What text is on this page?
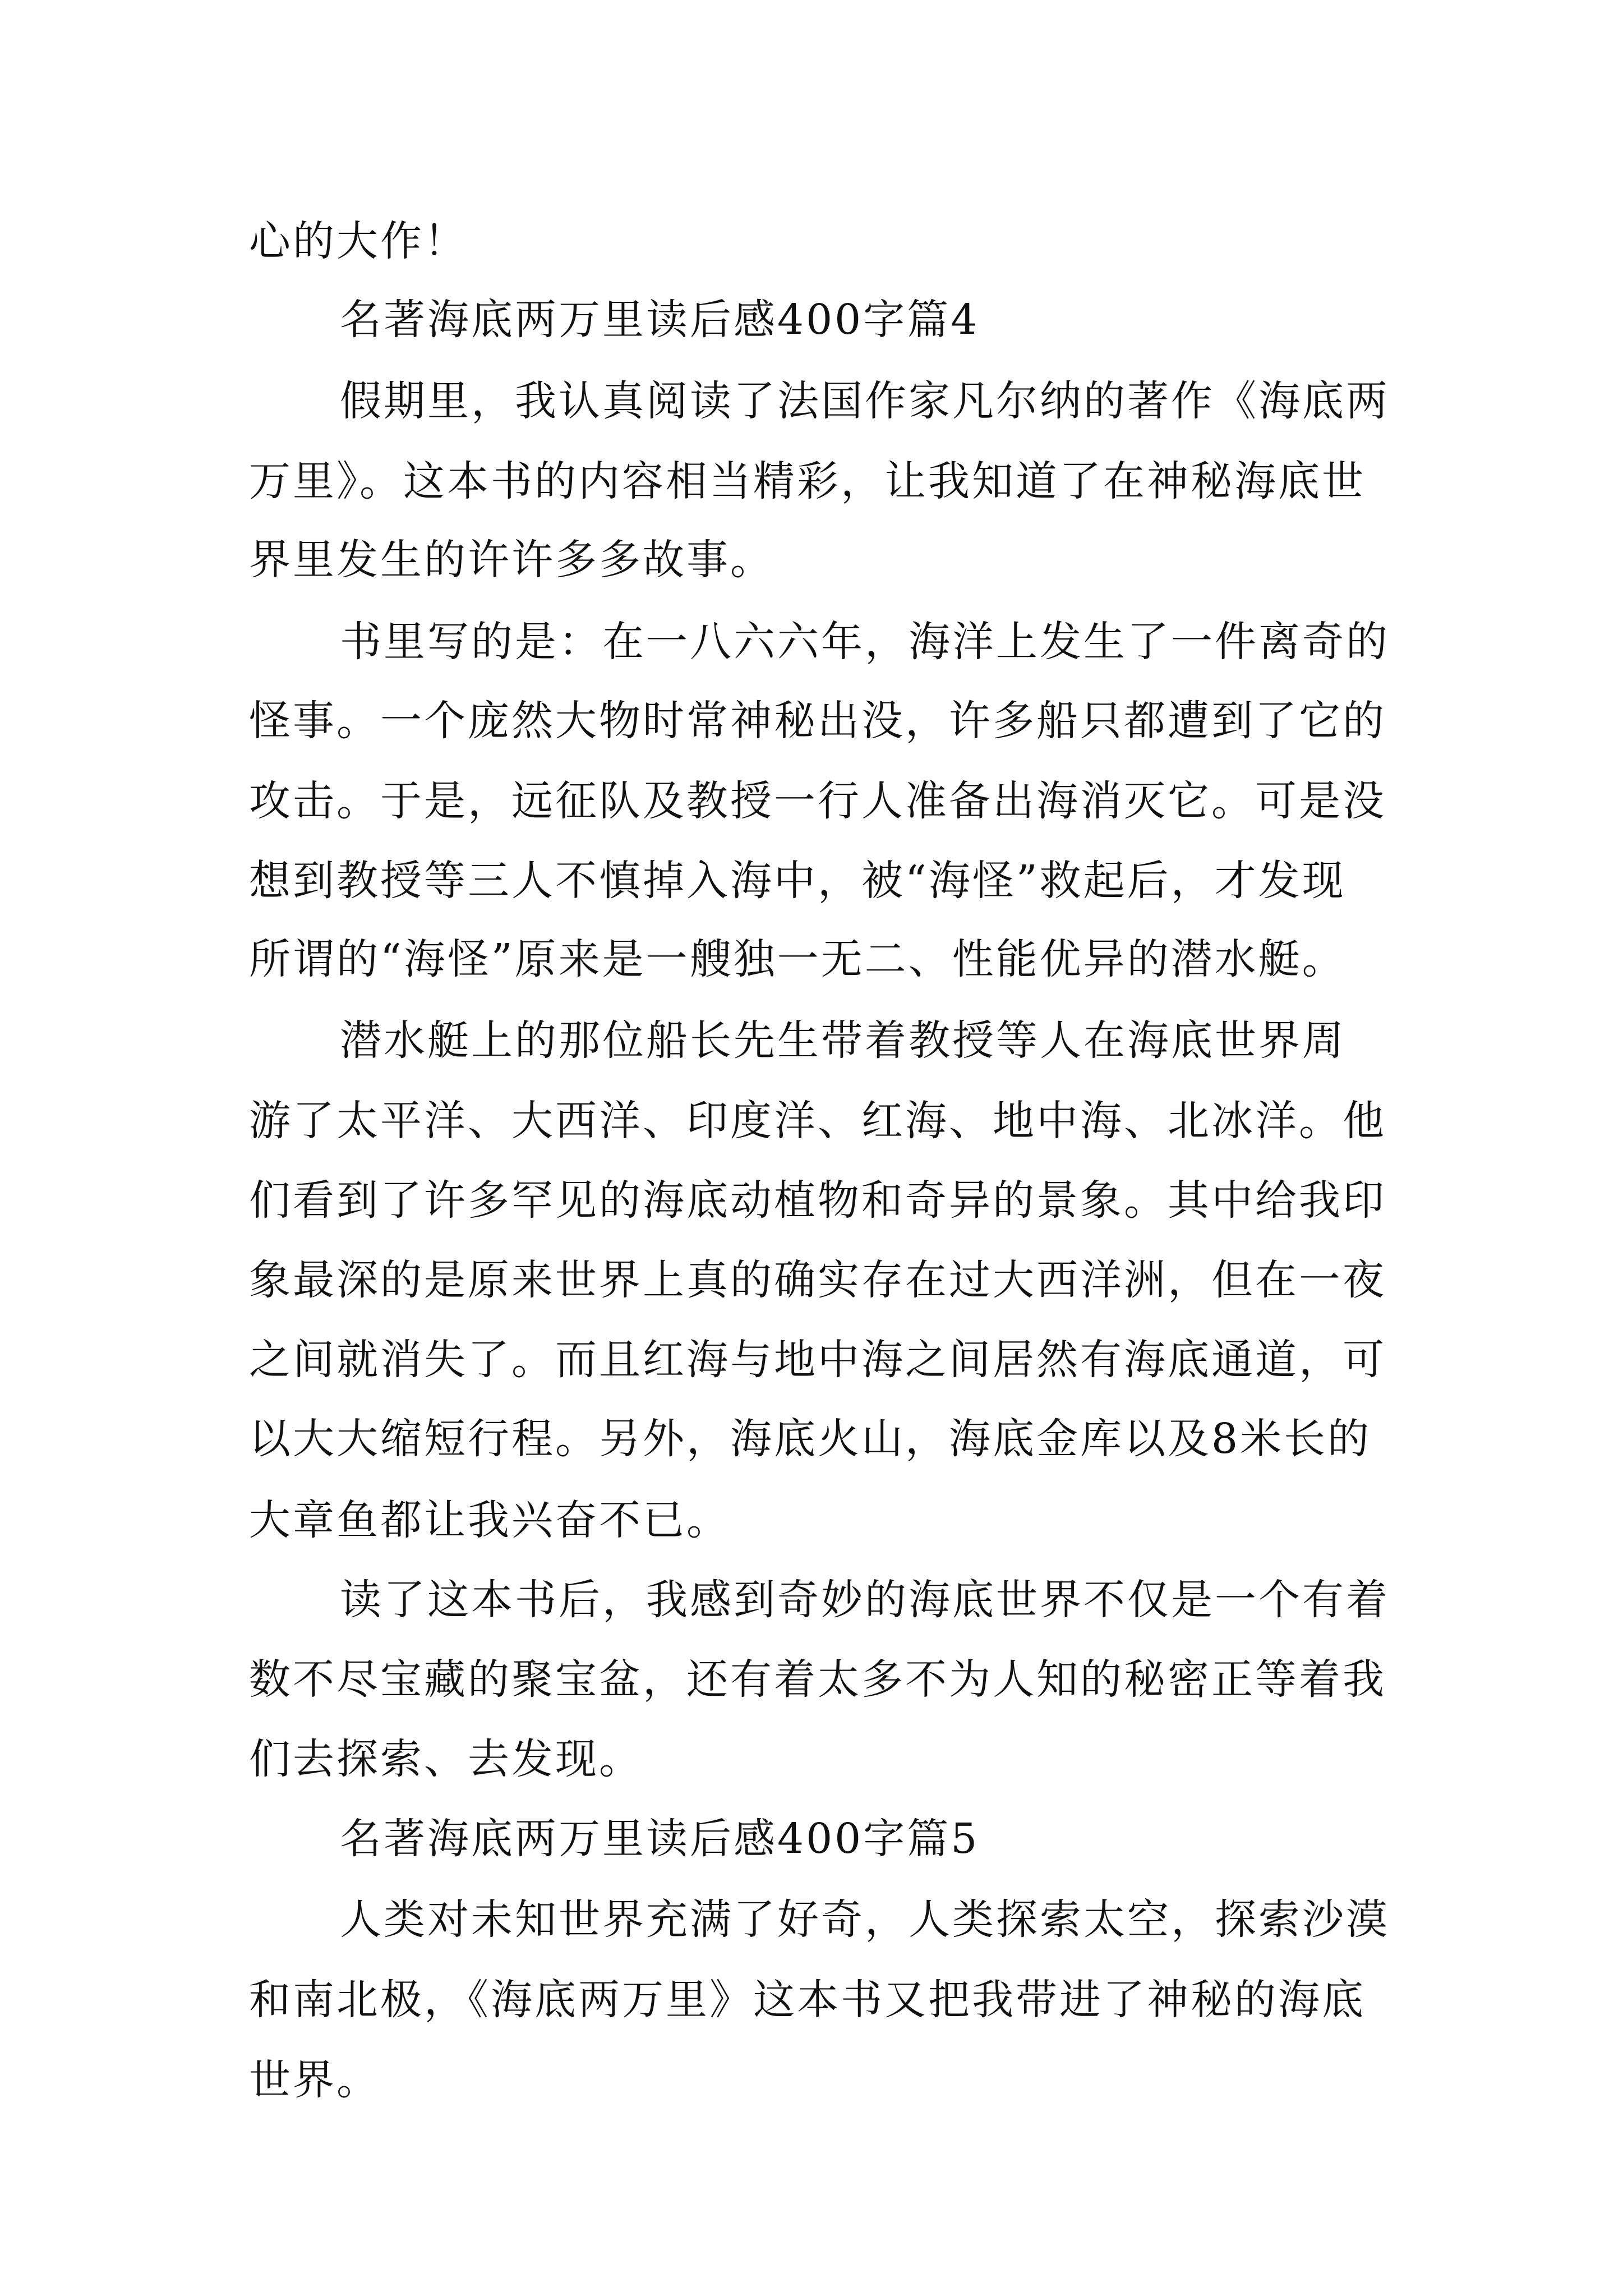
心的大作！
名著海底两万里读后感400字篇4
假期里，我认真阅读了法国作家凡尔纳的著作《海底两
万里》。这本书的内容相当精彩，让我知道了在神秘海底世
界里发生的许许多多故事。
书里写的是：在一八六六年，海洋上发生了一件离奇的
怪事。一个庞然大物时常神秘出没，许多船只都遭到了它的
攻击。于是，远征队及教授一行人准备出海消灭它。可是没
想到教授等三人不慎掉入海中，被“海怪”救起后，才发现
所谓的“海怪”原来是一艘独一无二、性能优异的潜水艇。
潜水艇上的那位船长先生带着教授等人在海底世界周
游了太平洋、大西洋、印度洋、红海、地中海、北冰洋。他
们看到了许多罕见的海底动植物和奇异的景象。其中给我印
象最深的是原来世界上真的确实存在过大西洋洲，但在一夜
之间就消失了。而且红海与地中海之间居然有海底通道，可
以大大缩短行程。另外，海底火山，海底金库以及8米长的
大章鱼都让我兴奋不已。
读了这本书后，我感到奇妙的海底世界不仅是一个有着
数不尽宝藏的聚宝盆，还有着太多不为人知的秘密正等着我
们去探索、去发现。
名著海底两万里读后感400字篇5
人类对未知世界充满了好奇，人类探索太空，探索沙漠
和南北极，《海底两万里》这本书又把我带进了神秘的海底
世界。
